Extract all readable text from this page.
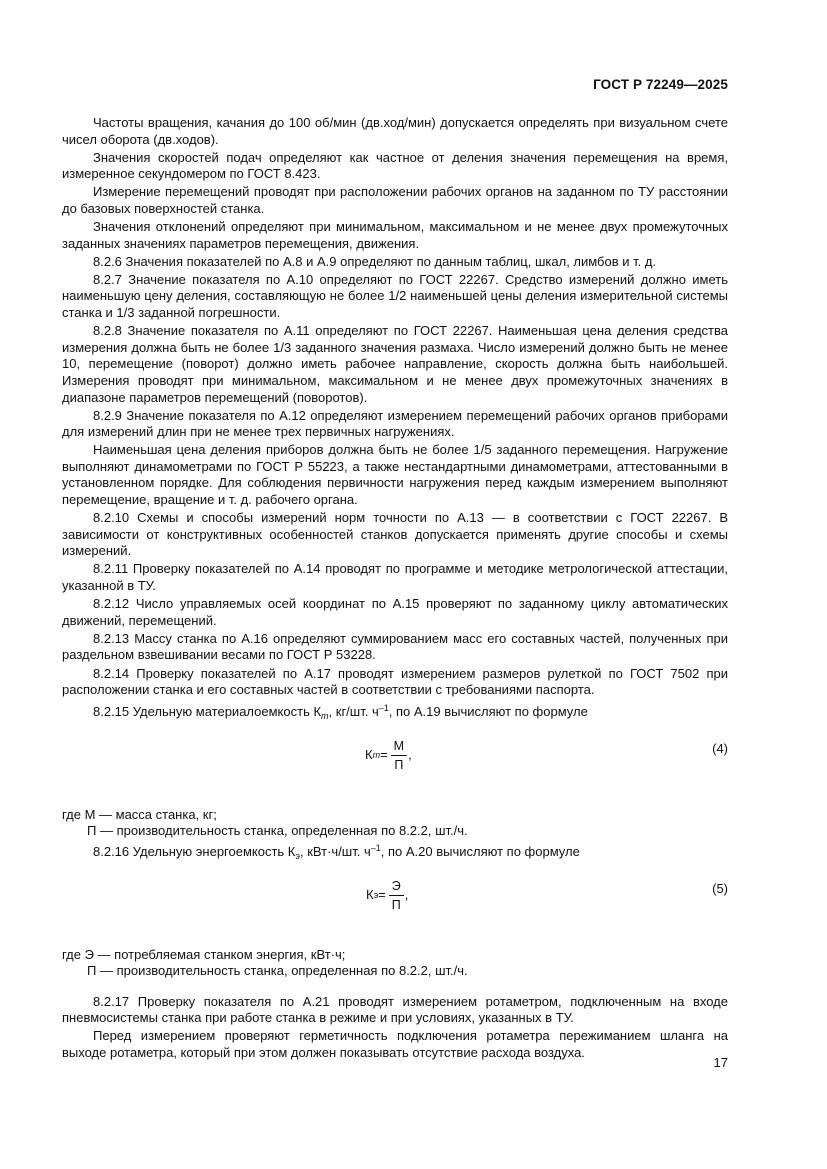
ГОСТ Р 72249—2025

Частоты вращения, качания до 100 об/мин (дв.ход/мин) допускается определять при визуальном счете чисел оборота (дв.ходов).

Значения скоростей подач определяют как частное от деления значения перемещения на время, измеренное секундомером по ГОСТ 8.423.

Измерение перемещений проводят при расположении рабочих органов на заданном по ТУ расстоянии до базовых поверхностей станка.

Значения отклонений определяют при минимальном, максимальном и не менее двух промежуточных заданных значениях параметров перемещения, движения.

8.2.6 Значения показателей по А.8 и А.9 определяют по данным таблиц, шкал, лимбов и т. д.

8.2.7 Значение показателя по А.10 определяют по ГОСТ 22267. Средство измерений должно иметь наименьшую цену деления, составляющую не более 1/2 наименьшей цены деления измерительной системы станка и 1/3 заданной погрешности.

8.2.8 Значение показателя по А.11 определяют по ГОСТ 22267. Наименьшая цена деления средства измерения должна быть не более 1/3 заданного значения размаха. Число измерений должно быть не менее 10, перемещение (поворот) должно иметь рабочее направление, скорость должна быть наибольшей. Измерения проводят при минимальном, максимальном и не менее двух промежуточных значениях в диапазоне параметров перемещений (поворотов).

8.2.9 Значение показателя по А.12 определяют измерением перемещений рабочих органов приборами для измерений длин при не менее трех первичных нагружениях.

Наименьшая цена деления приборов должна быть не более 1/5 заданного перемещения. Нагружение выполняют динамометрами по ГОСТ Р 55223, а также нестандартными динамометрами, аттестованными в установленном порядке. Для соблюдения первичности нагружения перед каждым измерением выполняют перемещение, вращение и т. д. рабочего органа.

8.2.10 Схемы и способы измерений норм точности по А.13 — в соответствии с ГОСТ 22267. В зависимости от конструктивных особенностей станков допускается применять другие способы и схемы измерений.

8.2.11 Проверку показателей по А.14 проводят по программе и методике метрологической аттестации, указанной в ТУ.

8.2.12 Число управляемых осей координат по А.15 проверяют по заданному циклу автоматических движений, перемещений.

8.2.13 Массу станка по А.16 определяют суммированием масс его составных частей, полученных при раздельном взвешивании весами по ГОСТ Р 53228.

8.2.14 Проверку показателей по А.17 проводят измерением размеров рулеткой по ГОСТ 7502 при расположении станка и его составных частей в соответствии с требованиями паспорта.

8.2.15 Удельную материалоемкость $К_m$, кг/шт. $ч^{-1}$, по А.19 вычисляют по формуле

К $m = \frac{М}{П}$ ,	(4)
где М — масса станка, кг;
П — производительность станка, определенная по 8.2.2, шт./ч.

8.2.16 Удельную энергоемкость $К_э$, кВт·ч/шт. $ч^{-1}$, по А.20 вычисляют по формуле

К $э = \frac{Э}{П}$ ,	(5)
где Э — потребляемая станком энергия, кВт·ч;
П — производительность станка, определенная по 8.2.2, шт./ч.

8.2.17 Проверку показателя по А.21 проводят измерением ротаметром, подключенным на входе пневмосистемы станка при работе станка в режиме и при условиях, указанных в ТУ.

Перед измерением проверяют герметичность подключения ротаметра пережиманием шланга на выходе ротаметра, который при этом должен показывать отсутствие расхода воздуха.

17
